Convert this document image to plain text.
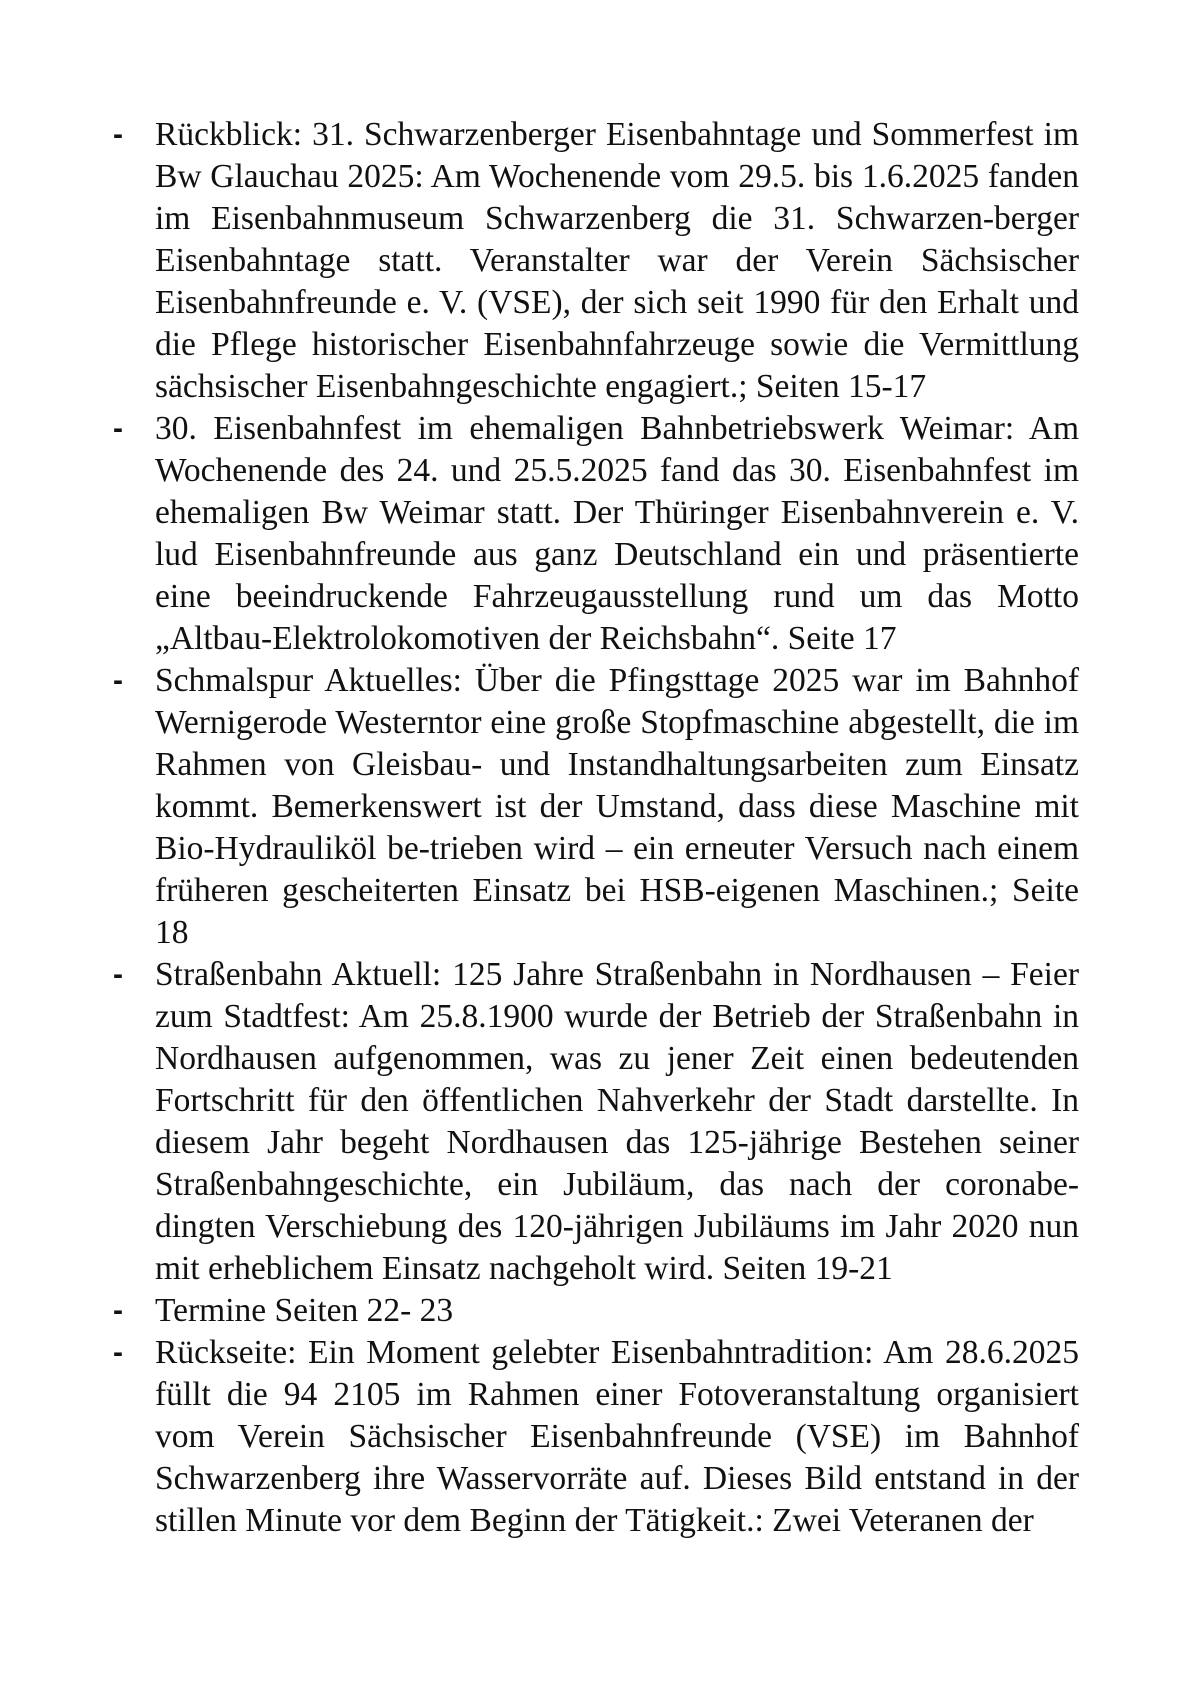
- Rückblick: 31. Schwarzenberger Eisenbahntage und Sommerfest im Bw Glauchau 2025: Am Wochenende vom 29.5. bis 1.6.2025 fanden im Eisenbahnmuseum Schwarzenberg die 31. Schwarzen-berger Eisenbahntage statt. Veranstalter war der Verein Sächsischer Eisenbahnfreunde e. V. (VSE), der sich seit 1990 für den Erhalt und die Pflege historischer Eisenbahnfahrzeuge sowie die Vermittlung sächsischer Eisenbahngeschichte engagiert.; Seiten 15-17
- 30. Eisenbahnfest im ehemaligen Bahnbetriebswerk Weimar: Am Wochenende des 24. und 25.5.2025 fand das 30. Eisenbahnfest im ehemaligen Bw Weimar statt. Der Thüringer Eisenbahnverein e. V. lud Eisenbahnfreunde aus ganz Deutschland ein und präsentierte eine beeindruckende Fahrzeugausstellung rund um das Motto „Altbau-Elektrolokomotiven der Reichsbahn“. Seite 17
- Schmalspur Aktuelles: Über die Pfingsttage 2025 war im Bahnhof Wernigerode Westerntor eine große Stopfmaschine abgestellt, die im Rahmen von Gleisbau- und Instandhaltungsarbeiten zum Einsatz kommt. Bemerkenswert ist der Umstand, dass diese Maschine mit Bio-Hydrauliköl be-trieben wird – ein erneuter Versuch nach einem früheren gescheiterten Einsatz bei HSB-eigenen Maschinen.; Seite 18
- Straßenbahn Aktuell: 125 Jahre Straßenbahn in Nordhausen – Feier zum Stadtfest: Am 25.8.1900 wurde der Betrieb der Straßenbahn in Nordhausen aufgenommen, was zu jener Zeit einen bedeutenden Fortschritt für den öffentlichen Nahverkehr der Stadt darstellte. In diesem Jahr begeht Nordhausen das 125-jährige Bestehen seiner Straßenbahngeschichte, ein Jubiläum, das nach der coronabe-dingten Verschiebung des 120-jährigen Jubiläums im Jahr 2020 nun mit erheblichem Einsatz nachgeholt wird. Seiten 19-21
- Termine Seiten 22- 23
- Rückseite: Ein Moment gelebter Eisenbahntradition: Am 28.6.2025 füllt die 94 2105 im Rahmen einer Fotoveranstaltung organisiert vom Verein Sächsischer Eisenbahnfreunde (VSE) im Bahnhof Schwarzenberg ihre Wasservorräte auf. Dieses Bild entstand in der stillen Minute vor dem Beginn der Tätigkeit.: Zwei Veteranen der
